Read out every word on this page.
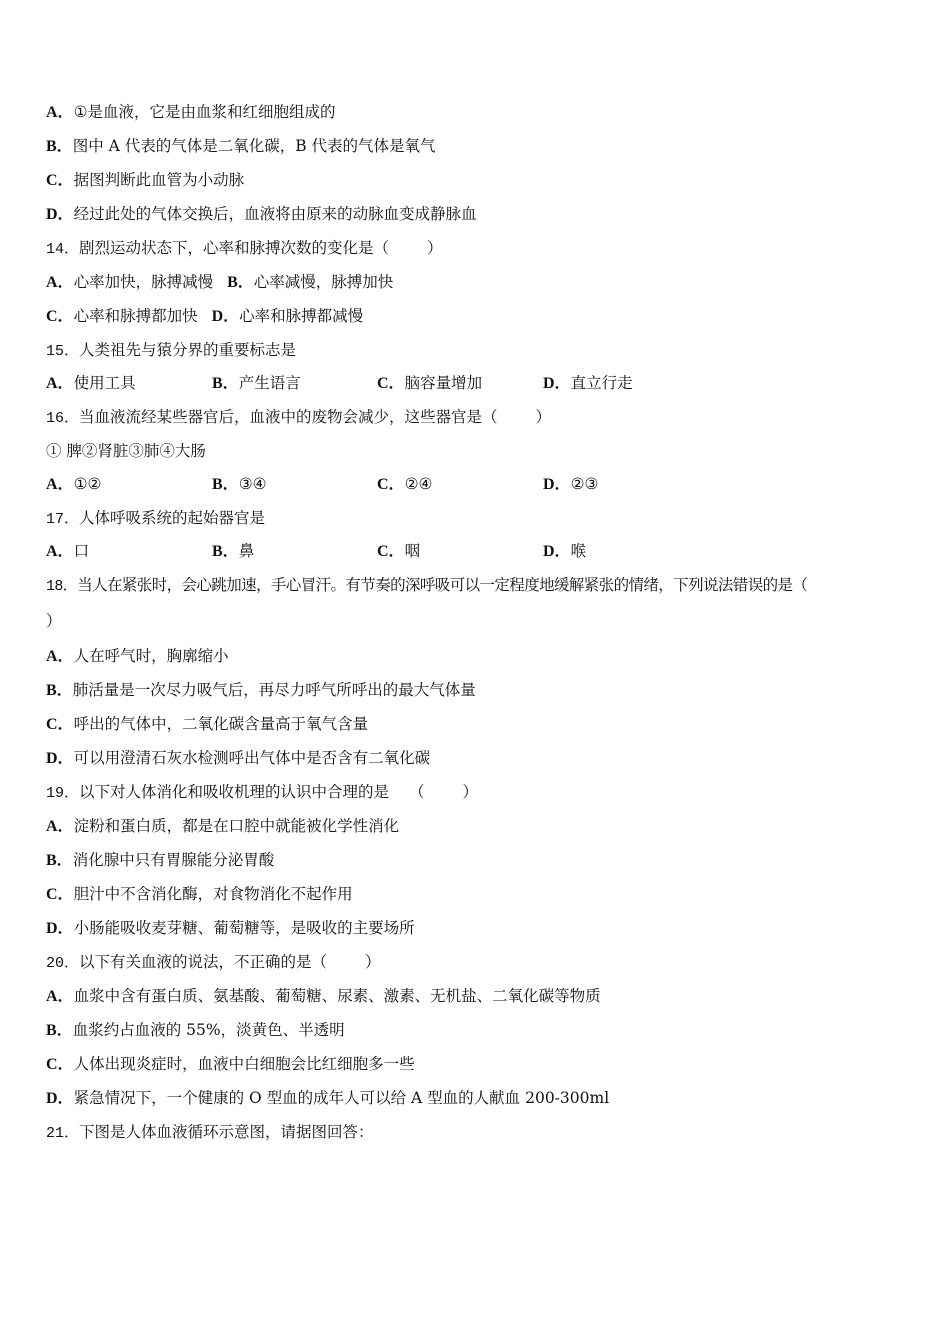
A．①是血液，它是由血浆和红细胞组成的
B．图中 A 代表的气体是二氧化碳，B 代表的气体是氧气
C．据图判断此血管为小动脉
D．经过此处的气体交换后，血液将由原来的动脉血变成静脉血
14．剧烈运动状态下，心率和脉搏次数的变化是（ ）
A．心率加快，脉搏减慢 B．心率减慢，脉搏加快
C．心率和脉搏都加快 D．心率和脉搏都减慢
15．人类祖先与猿分界的重要标志是
A．使用工具	B．产生语言	C．脑容量增加	D．直立行走
16．当血液流经某些器官后，血液中的废物会减少，这些器官是（ ）
① 脾②肾脏③肺④大肠
A．①②	B．③④	C．②④	D．②③
17．人体呼吸系统的起始器官是
A．口	B．鼻	C．咽	D．喉
18．当人在紧张时，会心跳加速，手心冒汗。有节奏的深呼吸可以一定程度地缓解紧张的情绪，下列说法错误的是（
）
A．人在呼气时，胸廓缩小
B．肺活量是一次尽力吸气后，再尽力呼气所呼出的最大气体量
C．呼出的气体中，二氧化碳含量高于氧气含量
D．可以用澄清石灰水检测呼出气体中是否含有二氧化碳
19．以下对人体消化和吸收机理的认识中合理的是 （ ）
A．淀粉和蛋白质，都是在口腔中就能被化学性消化
B．消化腺中只有胃腺能分泌胃酸
C．胆汁中不含消化酶，对食物消化不起作用
D．小肠能吸收麦芽糖、葡萄糖等，是吸收的主要场所
20．以下有关血液的说法，不正确的是（ ）
A．血浆中含有蛋白质、氨基酸、葡萄糖、尿素、激素、无机盐、二氧化碳等物质
B．血浆约占血液的 55%，淡黄色、半透明
C．人体出现炎症时，血液中白细胞会比红细胞多一些
D．紧急情况下，一个健康的 O 型血的成年人可以给 A 型血的人献血 200-300ml
21．下图是人体血液循环示意图，请据图回答：
